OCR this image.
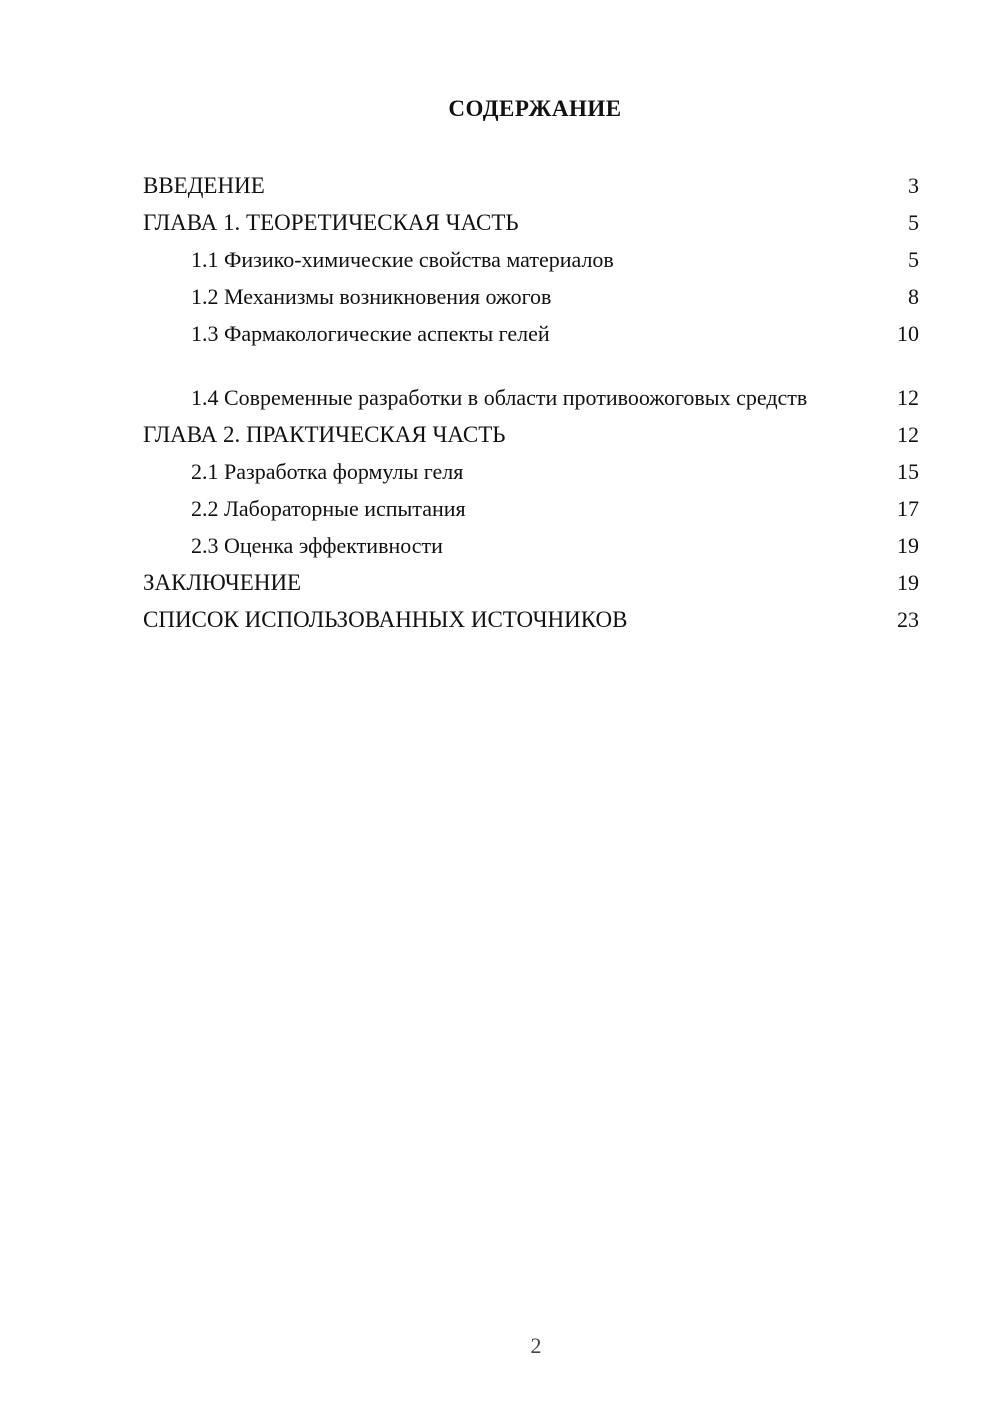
СОДЕРЖАНИЕ
ВВЕДЕНИЕ	3
ГЛАВА 1. ТЕОРЕТИЧЕСКАЯ ЧАСТЬ	5
1.1 Физико-химические свойства материалов	5
1.2 Механизмы возникновения ожогов	8
1.3 Фармакологические аспекты гелей	10
1.4 Современные разработки в области противоожоговых средств	12
ГЛАВА 2. ПРАКТИЧЕСКАЯ ЧАСТЬ	12
2.1 Разработка формулы геля	15
2.2 Лабораторные испытания	17
2.3 Оценка эффективности	19
ЗАКЛЮЧЕНИЕ	19
СПИСОК ИСПОЛЬЗОВАННЫХ ИСТОЧНИКОВ	23
2
